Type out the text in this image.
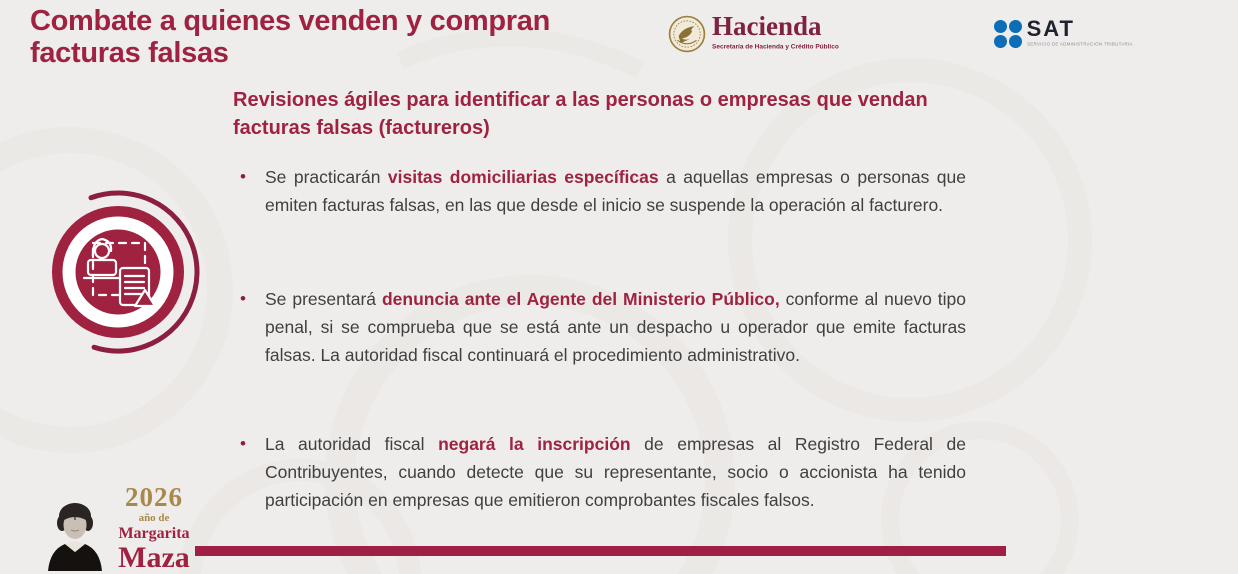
Combate a quienes venden y compran facturas falsas
Hacienda
Secretaría de Hacienda y Crédito Público
SAT
SERVICIO DE ADMINISTRACIÓN TRIBUTARIA
Revisiones ágiles para identificar a las personas o empresas que vendan facturas falsas (factureros)
• Se practicarán visitas domiciliarias específicas a aquellas empresas o personas que emiten facturas falsas, en las que desde el inicio se suspende la operación al facturero.
• Se presentará denuncia ante el Agente del Ministerio Público, conforme al nuevo tipo penal, si se comprueba que se está ante un despacho u operador que emite facturas falsas. La autoridad fiscal continuará el procedimiento administrativo.
• La autoridad fiscal negará la inscripción de empresas al Registro Federal de Contribuyentes, cuando detecte que su representante, socio o accionista ha tenido participación en empresas que emitieron comprobantes fiscales falsos.
2026
año de
Margarita
Maza
